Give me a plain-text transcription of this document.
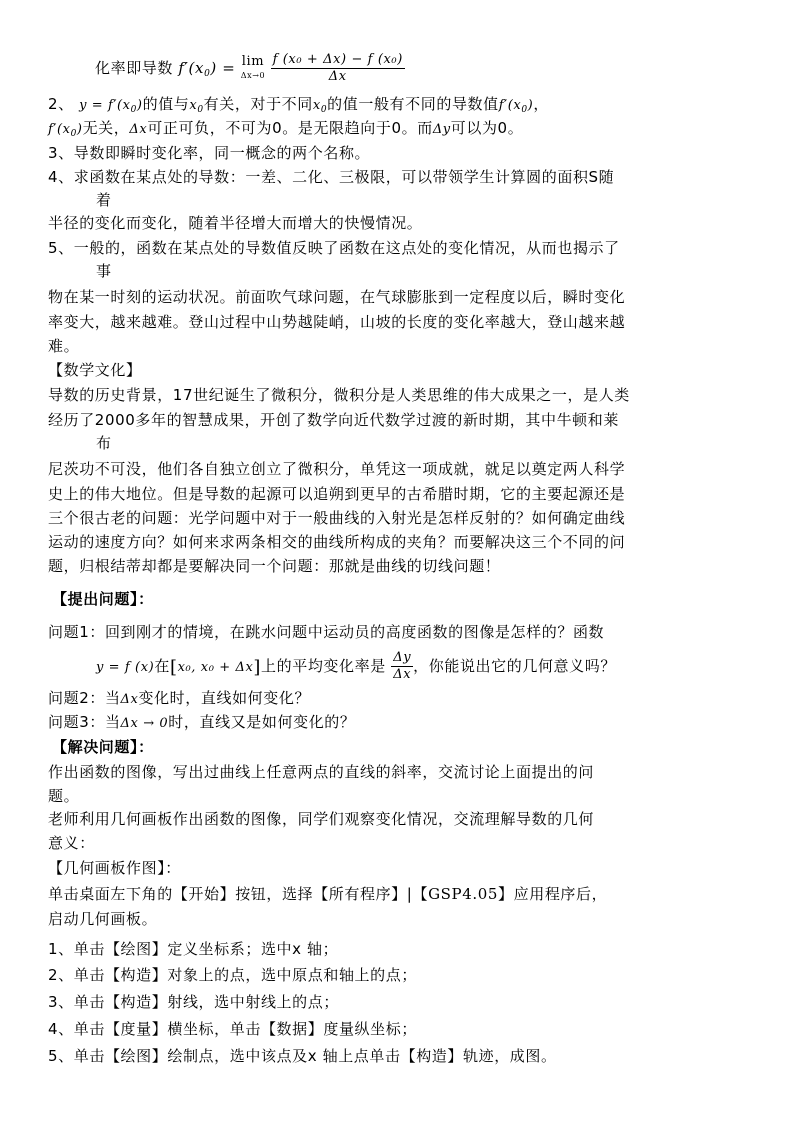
化率即导数 $f'(x_0) = \lim$
Δx→0
$\frac{\text{f (x₀ + Δx) − f (x₀)}}{\Delta x}$
2、 $y = f'(x_0)$的值与$x_0$有关，对于不同$x_0$的值一般有不同的导数值$f'(x_0)$，
$f'(x_0)$无关，Δx可正可负，不可为0。是无限趋向于0。而Δy可以为0。
3、导数即瞬时变化率，同一概念的两个名称。
4、求函数在某点处的导数：一差、二化、三极限，可以带领学生计算圆的面积S随
着
半径的变化而变化，随着半径增大而增大的快慢情况。
5、一般的，函数在某点处的导数值反映了函数在这点处的变化情况，从而也揭示了
事
物在某一时刻的运动状况。前面吹气球问题，在气球膨胀到一定程度以后，瞬时变化
率变大，越来越难。登山过程中山势越陡峭，山坡的长度的变化率越大，登山越来越
难。
【数学文化】
导数的历史背景，17世纪诞生了微积分，微积分是人类思维的伟大成果之一，是人类
经历了2000多年的智慧成果，开创了数学向近代数学过渡的新时期，其中牛顿和莱
布
尼茨功不可没，他们各自独立创立了微积分，单凭这一项成就，就足以奠定两人科学
史上的伟大地位。但是导数的起源可以追朔到更早的古希腊时期，它的主要起源还是
三个很古老的问题：光学问题中对于一般曲线的入射光是怎样反射的？如何确定曲线
运动的速度方向？如何来求两条相交的曲线所构成的夹角？而要解决这三个不同的问
题，归根结蒂却都是要解决同一个问题：那就是曲线的切线问题！
【提出问题】：
问题1：回到刚才的情境，在跳水问题中运动员的高度函数的图像是怎样的？函数
y = f (x)在[x₀, x₀ + Δx]上的平均变化率是 $\frac{\Delta y}{\Delta x}$ ，你能说出它的几何意义吗？
问题2：当Δx变化时，直线如何变化？
问题3：当Δx → 0时，直线又是如何变化的？
【解决问题】：
作出函数的图像，写出过曲线上任意两点的直线的斜率，交流讨论上面提出的问
题。
老师利用几何画板作出函数的图像，同学们观察变化情况，交流理解导数的几何
意义：
【几何画板作图】：
单击桌面左下角的【开始】按钮，选择【所有程序】|【GSP4.05】应用程序后，
启动几何画板。
1、单击【绘图】定义坐标系；选中x 轴；
2、单击【构造】对象上的点，选中原点和轴上的点；
3、单击【构造】射线，选中射线上的点；
4、单击【度量】横坐标，单击【数据】度量纵坐标；
5、单击【绘图】绘制点，选中该点及x 轴上点单击【构造】轨迹，成图。
